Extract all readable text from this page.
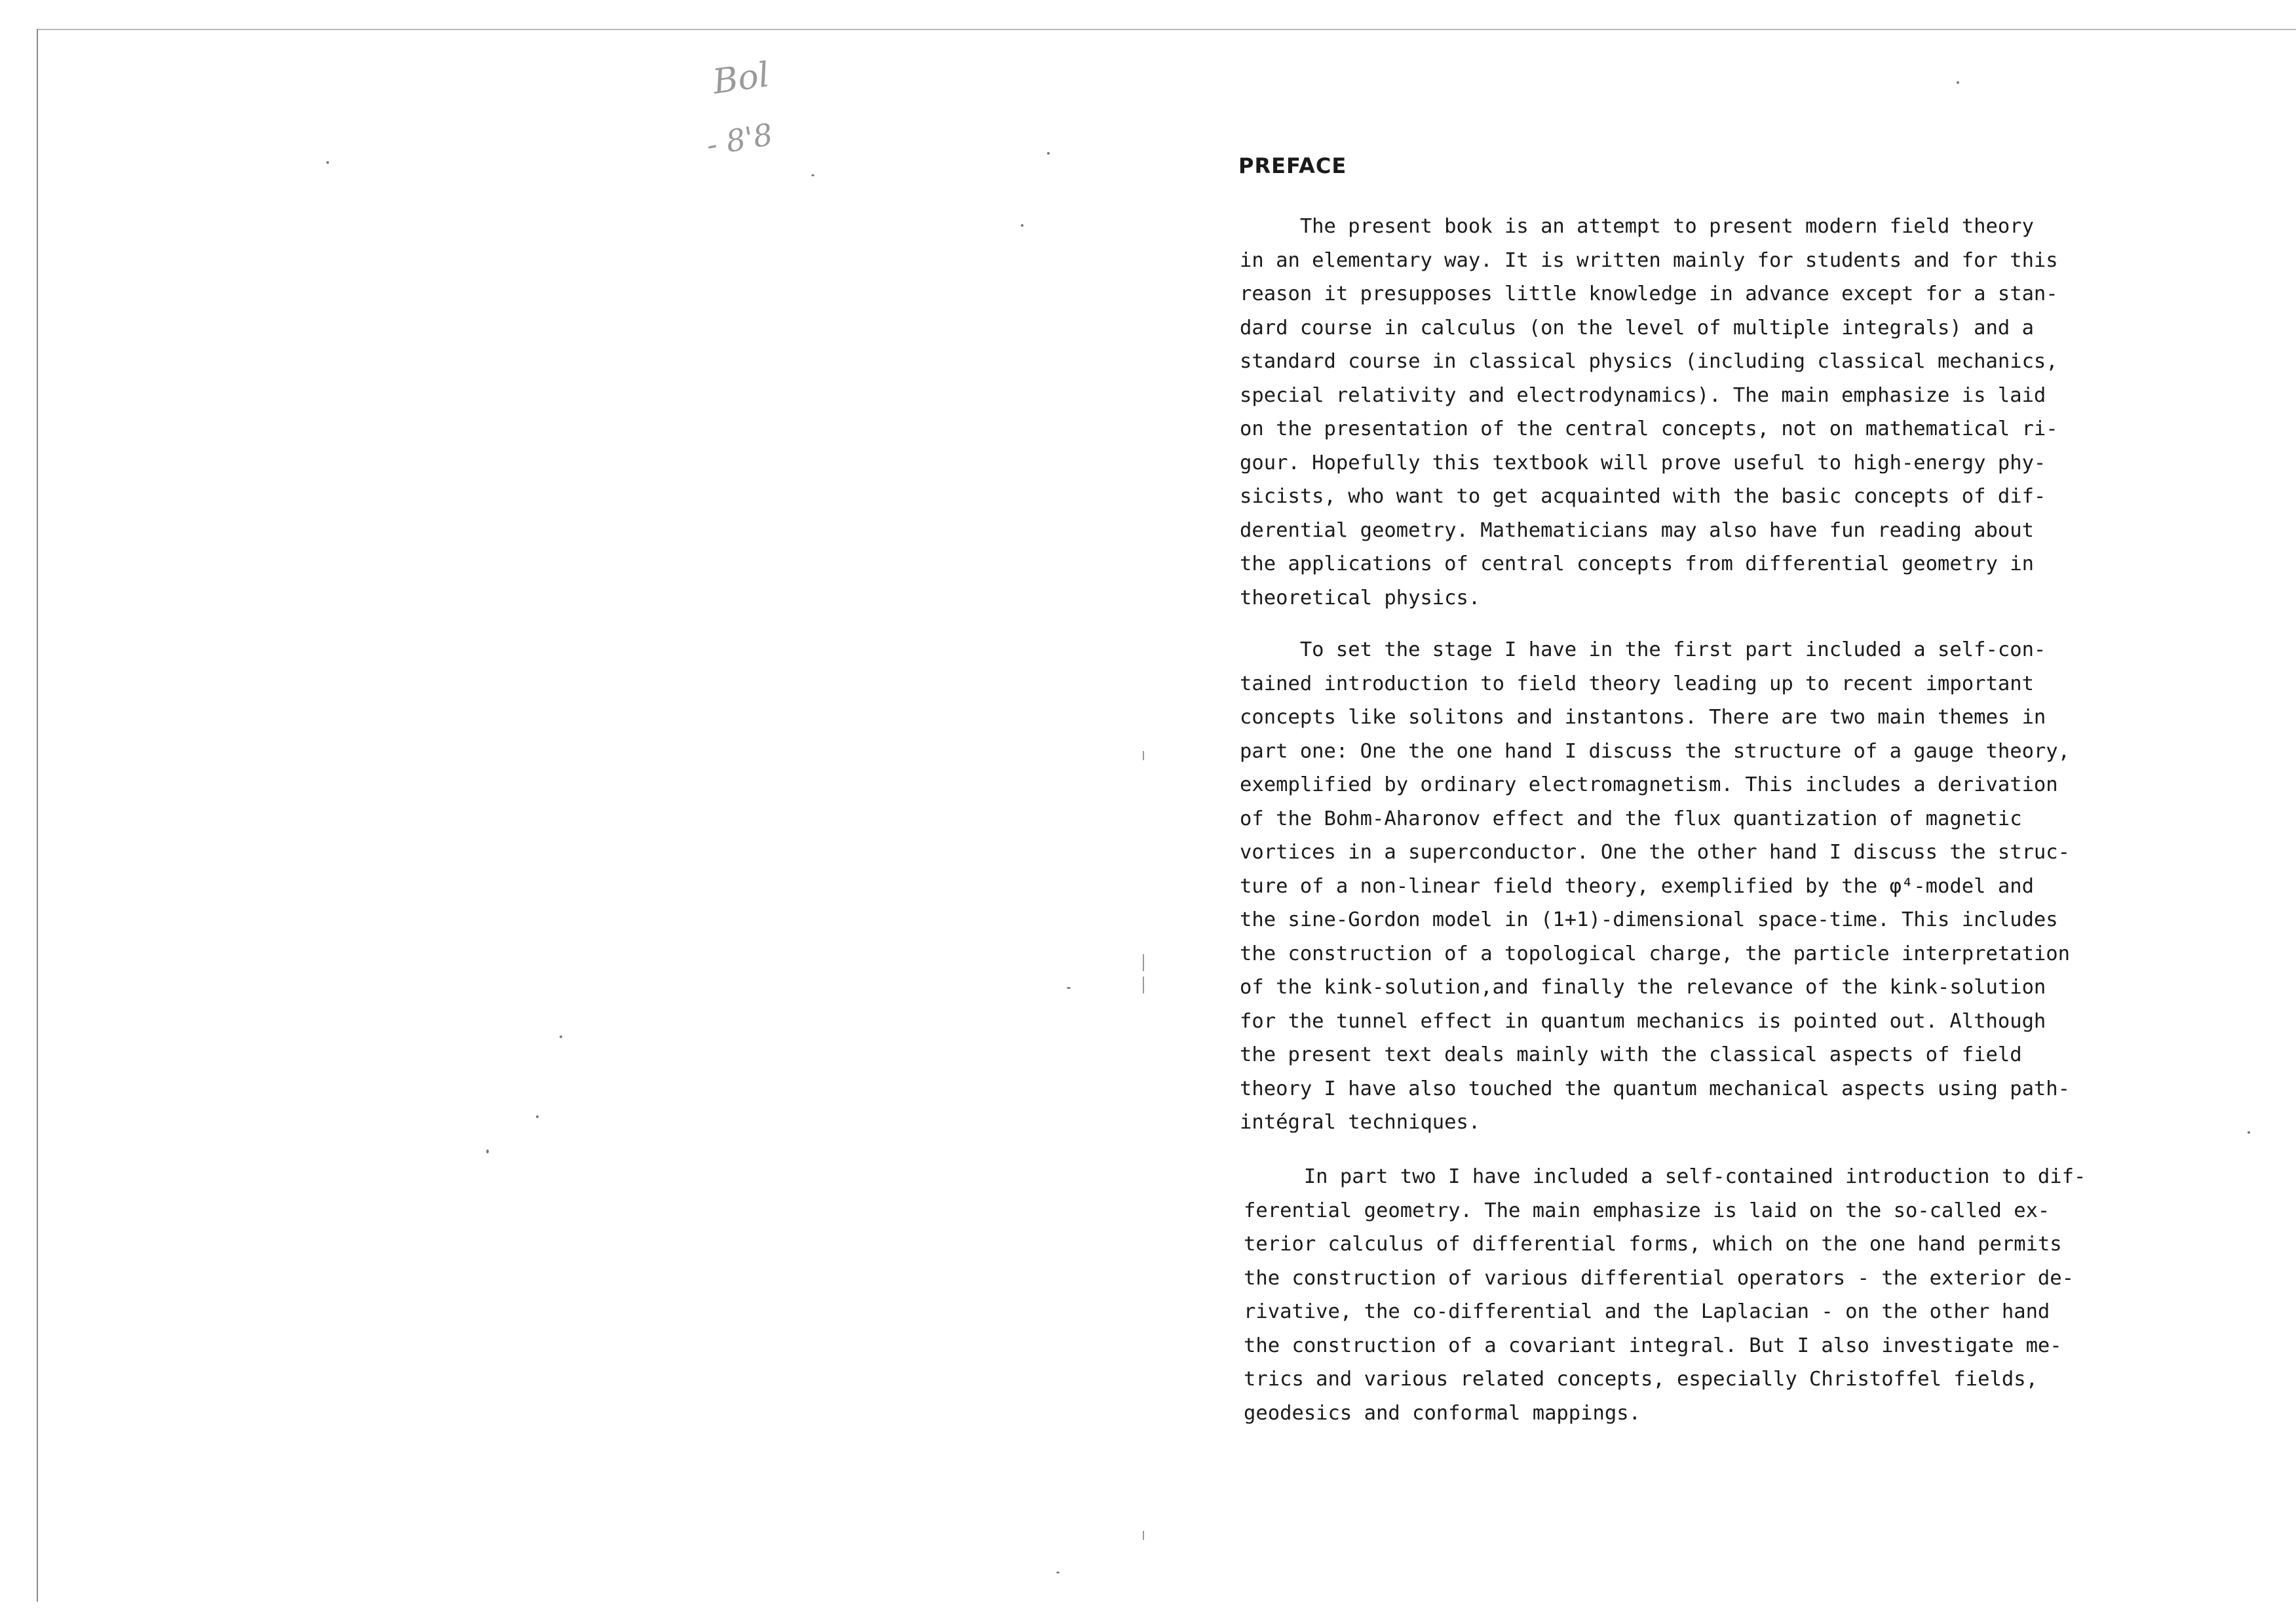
Bol
- 8'8
PREFACE

The present book is an attempt to present modern field theory
in an elementary way. It is written mainly for students and for this
reason it presupposes little knowledge in advance except for a stan-
dard course in calculus (on the level of multiple integrals) and a
standard course in classical physics (including classical mechanics,
special relativity and electrodynamics). The main emphasize is laid
on the presentation of the central concepts, not on mathematical ri-
gour. Hopefully this textbook will prove useful to high-energy phy-
sicists, who want to get acquainted with the basic concepts of dif-
derential geometry. Mathematicians may also have fun reading about
the applications of central concepts from differential geometry in
theoretical physics.

To set the stage I have in the first part included a self-con-
tained introduction to field theory leading up to recent important
concepts like solitons and instantons. There are two main themes in
part one: One the one hand I discuss the structure of a gauge theory,
exemplified by ordinary electromagnetism. This includes a derivation
of the Bohm-Aharonov effect and the flux quantization of magnetic
vortices in a superconductor. One the other hand I discuss the struc-
ture of a non-linear field theory, exemplified by the φ⁴-model and
the sine-Gordon model in (1+1)-dimensional space-time. This includes
the construction of a topological charge, the particle interpretation
of the kink-solution,and finally the relevance of the kink-solution
for the tunnel effect in quantum mechanics is pointed out. Although
the present text deals mainly with the classical aspects of field
theory I have also touched the quantum mechanical aspects using path-
intégral techniques.

In part two I have included a self-contained introduction to dif-
ferential geometry. The main emphasize is laid on the so-called ex-
terior calculus of differential forms, which on the one hand permits
the construction of various differential operators - the exterior de-
rivative, the co-differential and the Laplacian - on the other hand
the construction of a covariant integral. But I also investigate me-
trics and various related concepts, especially Christoffel fields,
geodesics and conformal mappings.
